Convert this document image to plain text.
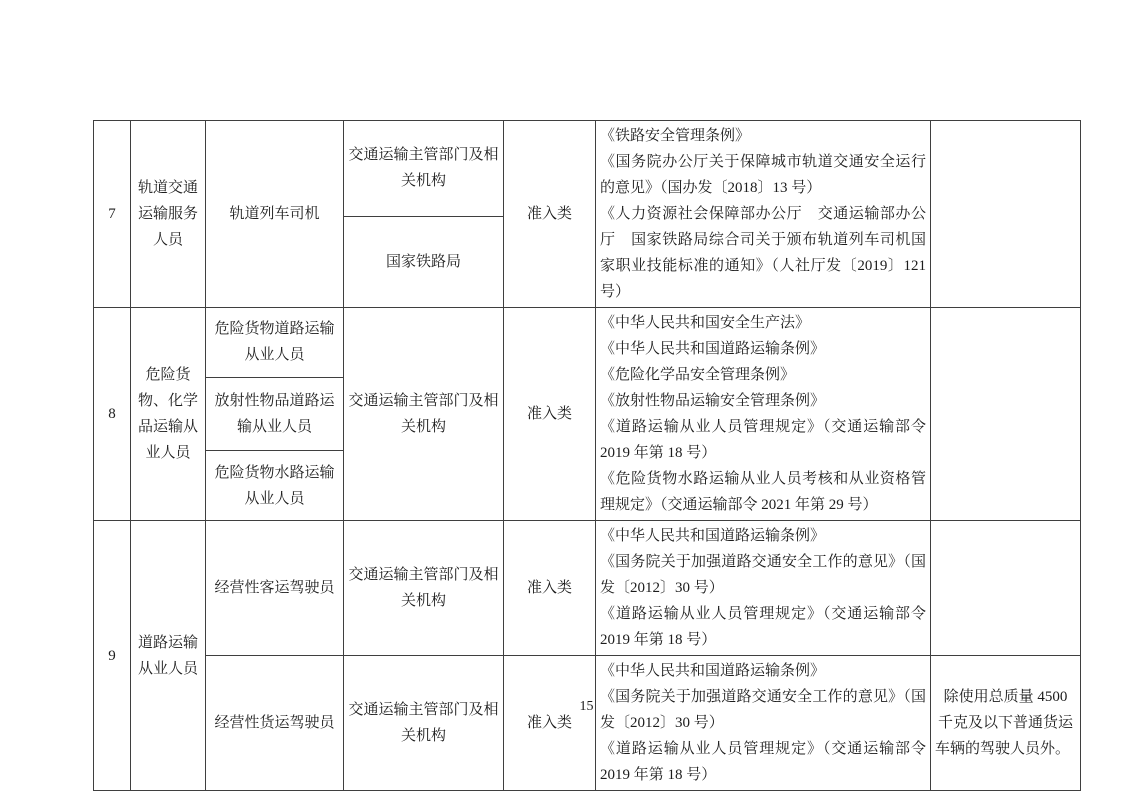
7	轨道交通运输服务人员	轨道列车司机	交通运输主管部门及相关机构	准入类	《铁路安全管理条例》
《国务院办公厅关于保障城市轨道交通安全运行的意见》（国办发〔2018〕13 号）
《人力资源社会保障部办公厅　交通运输部办公厅　国家铁路局综合司关于颁布轨道列车司机国家职业技能标准的通知》（人社厅发〔2019〕121 号）	

			国家铁路局			
8	危险货物、化学品运输从业人员	危险货物道路运输从业人员	交通运输主管部门及相关机构	准入类	
《中华人民共和国安全生产法》
《中华人民共和国道路运输条例》
《危险化学品安全管理条例》
《放射性物品运输安全管理条例》
《道路运输从业人员管理规定》（交通运输部令 2019 年第 18 号）
《危险货物水路运输从业人员考核和从业资格管理规定》（交通运输部令 2021 年第 29 号）

		放射性物品道路运输从业人员				
		危险货物水路运输从业人员				
9	道路运输从业人员	经营性客运驾驶员	交通运输主管部门及相关机构	准入类	《中华人民共和国道路运输条例》
《国务院关于加强道路交通安全工作的意见》（国发〔2012〕30 号）
《道路运输从业人员管理规定》（交通运输部令 2019 年第 18 号）	

		经营性货运驾驶员	交通运输主管部门及相关机构	准入类	《中华人民共和国道路运输条例》
《国务院关于加强道路交通安全工作的意见》（国发〔2012〕30 号）
《道路运输从业人员管理规定》（交通运输部令 2019 年第 18 号）	除使用总质量 4500 千克及以下普通货运车辆的驾驶人员外。
15
